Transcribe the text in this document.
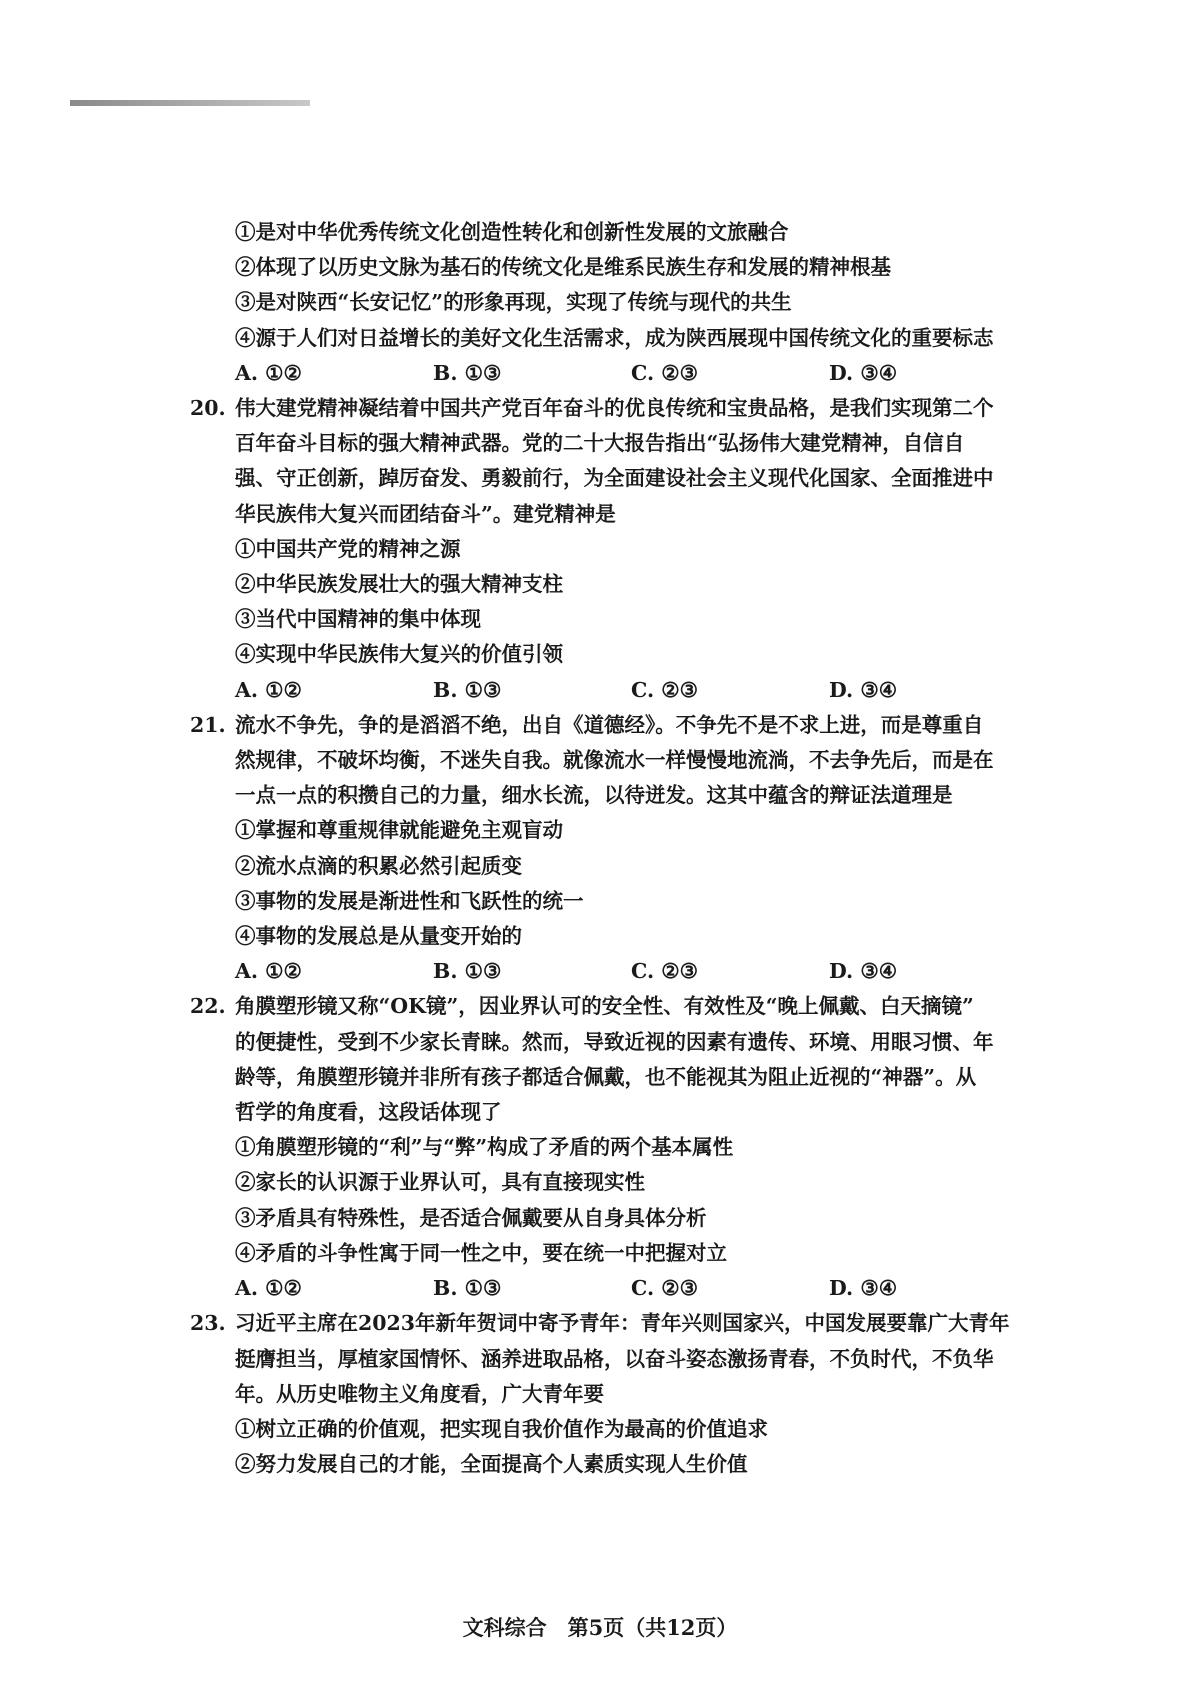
①是对中华优秀传统文化创造性转化和创新性发展的文旅融合
②体现了以历史文脉为基石的传统文化是维系民族生存和发展的精神根基
③是对陕西“长安记忆”的形象再现，实现了传统与现代的共生
④源于人们对日益增长的美好文化生活需求，成为陕西展现中国传统文化的重要标志
A. ①②	B. ①③	C. ②③	D. ③④
20. 伟大建党精神凝结着中国共产党百年奋斗的优良传统和宝贵品格，是我们实现第二个
百年奋斗目标的强大精神武器。党的二十大报告指出“弘扬伟大建党精神，自信自
强、守正创新，踔厉奋发、勇毅前行，为全面建设社会主义现代化国家、全面推进中
华民族伟大复兴而团结奋斗”。建党精神是
①中国共产党的精神之源
②中华民族发展壮大的强大精神支柱
③当代中国精神的集中体现
④实现中华民族伟大复兴的价值引领
A. ①②	B. ①③	C. ②③	D. ③④
21. 流水不争先，争的是滔滔不绝，出自《道德经》。不争先不是不求上进，而是尊重自
然规律，不破坏均衡，不迷失自我。就像流水一样慢慢地流淌，不去争先后，而是在
一点一点的积攒自己的力量，细水长流，以待迸发。这其中蕴含的辩证法道理是
①掌握和尊重规律就能避免主观盲动
②流水点滴的积累必然引起质变
③事物的发展是渐进性和飞跃性的统一
④事物的发展总是从量变开始的
A. ①②	B. ①③	C. ②③	D. ③④
22. 角膜塑形镜又称“OK镜”，因业界认可的安全性、有效性及“晚上佩戴、白天摘镜”
的便捷性，受到不少家长青睐。然而，导致近视的因素有遗传、环境、用眼习惯、年
龄等，角膜塑形镜并非所有孩子都适合佩戴，也不能视其为阻止近视的“神器”。从
哲学的角度看，这段话体现了
①角膜塑形镜的“利”与“弊”构成了矛盾的两个基本属性
②家长的认识源于业界认可，具有直接现实性
③矛盾具有特殊性，是否适合佩戴要从自身具体分析
④矛盾的斗争性寓于同一性之中，要在统一中把握对立
A. ①②	B. ①③	C. ②③	D. ③④
23. 习近平主席在2023年新年贺词中寄予青年：青年兴则国家兴，中国发展要靠广大青年
挺膺担当，厚植家国情怀、涵养进取品格，以奋斗姿态激扬青春，不负时代，不负华
年。从历史唯物主义角度看，广大青年要
①树立正确的价值观，把实现自我价值作为最高的价值追求
②努力发展自己的才能，全面提高个人素质实现人生价值
文科综合　第5页（共12页）
